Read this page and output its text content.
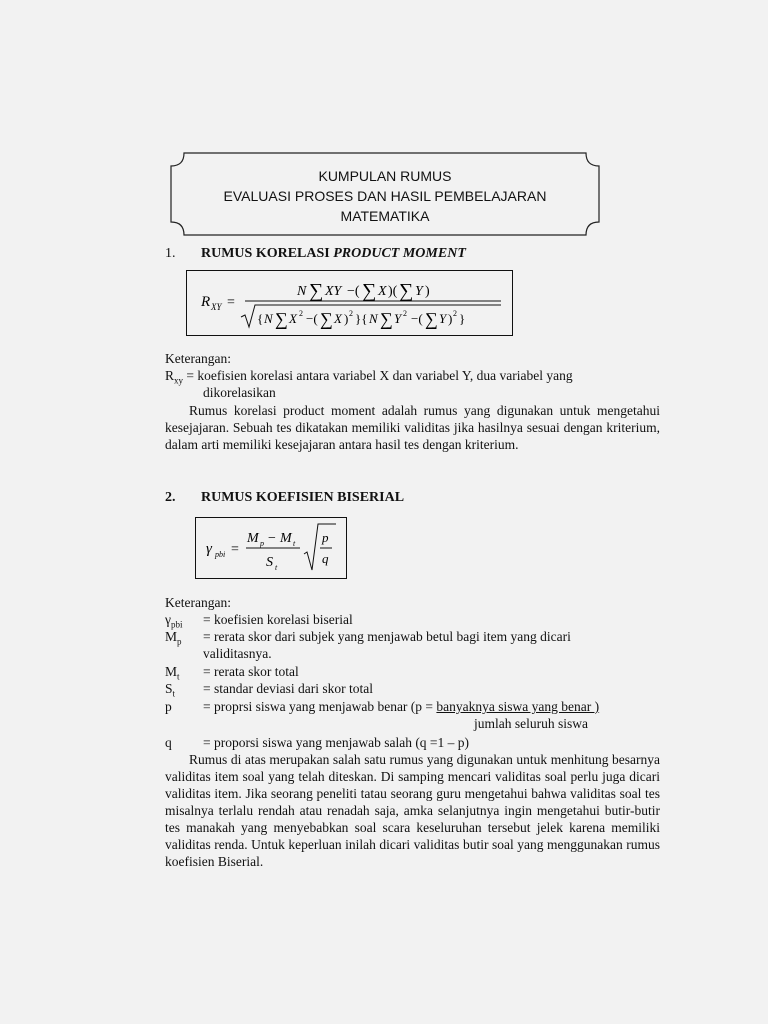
KUMPULAN RUMUS
EVALUASI PROSES DAN HASIL PEMBELAJARAN
MATEMATIKA
1. RUMUS KORELASI PRODUCT MOMENT
R XY =
N ∑ XY −( ∑ X )( ∑ Y )
{ N ∑ X 2 −( ∑ X ) 2 }{ N ∑ Y 2 −( ∑ Y ) 2 }
Keterangan:
$R_{xy}$ = koefisien korelasi antara variabel X dan variabel Y, dua variabel yang
dikorelasikan
Rumus korelasi product moment adalah rumus yang digunakan untuk mengetahui kesejajaran. Sebuah tes dikatakan memiliki validitas jika hasilnya sesuai dengan kriterium, dalam arti memiliki kesejajaran antara hasil tes dengan kriterium.
2. RUMUS KOEFISIEN BISERIAL
γ pbi =
M p − M t
S t
p
q
Keterangan:
$\gamma_{pbi}$	= koefisien korelasi biserial
$M_p$	= rerata skor dari subjek yang menjawab betul bagi item yang dicari
validitasnya.
$M_t$	= rerata skor total
$S_t$	= standar deviasi dari skor total
p	= proprsi siswa yang menjawab benar (p = banyaknya siswa yang benar )
jumlah seluruh siswa
q	= proporsi siswa yang menjawab salah (q =1 – p)
Rumus di atas merupakan salah satu rumus yang digunakan untuk menhitung besarnya validitas item soal yang telah diteskan. Di samping mencari validitas soal perlu juga dicari validitas item. Jika seorang peneliti tatau seorang guru mengetahui bahwa validitas soal tes misalnya terlalu rendah atau renadah saja, amka selanjutnya ingin mengetahui butir-butir tes manakah yang menyebabkan soal scara keseluruhan tersebut jelek karena memiliki validitas renda. Untuk keperluan inilah dicari validitas butir soal yang menggunakan rumus koefisien Biserial.
